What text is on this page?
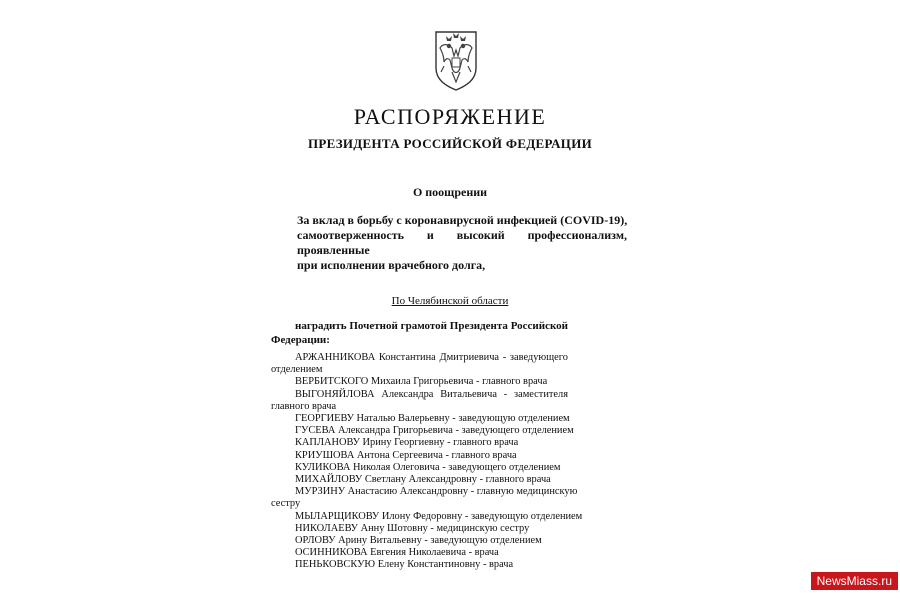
РАСПОРЯЖЕНИЕ
ПРЕЗИДЕНТА РОССИЙСКОЙ ФЕДЕРАЦИИ
О поощрении
За вклад в борьбу с коронавирусной инфекцией (COVID-19),
самоотверженность и высокий профессионализм, проявленные
при исполнении врачебного долга,
По Челябинской области
наградить Почетной грамотой Президента Российской
Федерации:
АРЖАННИКОВА Константина Дмитриевича - заведующего
отделением
ВЕРБИТСКОГО Михаила Григорьевича - главного врача
ВЫГОНЯЙЛОВА Александра Витальевича - заместителя
главного врача
ГЕОРГИЕВУ Наталью Валерьевну - заведующую отделением
ГУСЕВА Александра Григорьевича - заведующего отделением
КАПЛАНОВУ Ирину Георгиевну - главного врача
КРИУШОВА Антона Сергеевича - главного врача
КУЛИКОВА Николая Олеговича - заведующего отделением
МИХАЙЛОВУ Светлану Александровну - главного врача
МУРЗИНУ Анастасию Александровну - главную медицинскую
сестру
МЫЛАРЩИКОВУ Илону Федоровну - заведующую отделением
НИКОЛАЕВУ Анну Шотовну - медицинскую сестру
ОРЛОВУ Арину Витальевну - заведующую отделением
ОСИННИКОВА Евгения Николаевича - врача
ПЕНЬКОВСКУЮ Елену Константиновну - врача
NewsMiass.ru
